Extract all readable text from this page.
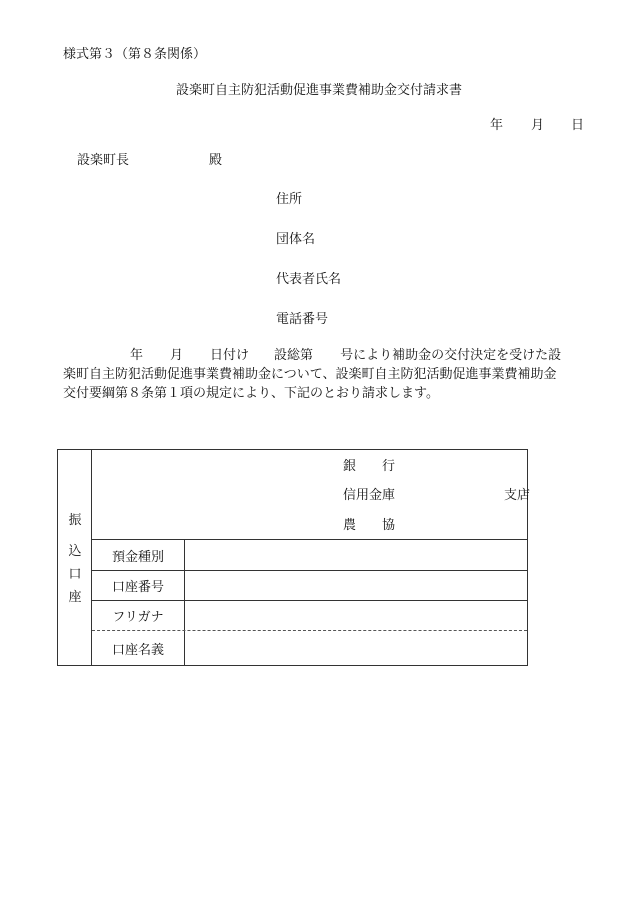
様式第３（第８条関係）
設楽町自主防犯活動促進事業費補助金交付請求書
年 月 日
設楽町長	殿
住所
団体名
代表者氏名
電話番号
年 月 日付け 設総第 号により補助金の交付決定を受けた設
楽町自主防犯活動促進事業費補助金について、設楽町自主防犯活動促進事業費補助金
交付要綱第８条第１項の規定により、下記のとおり請求します。
振
込
口
座
銀　　行
信用金庫	支店
農　　協
預金種別
口座番号
フリガナ
口座名義
